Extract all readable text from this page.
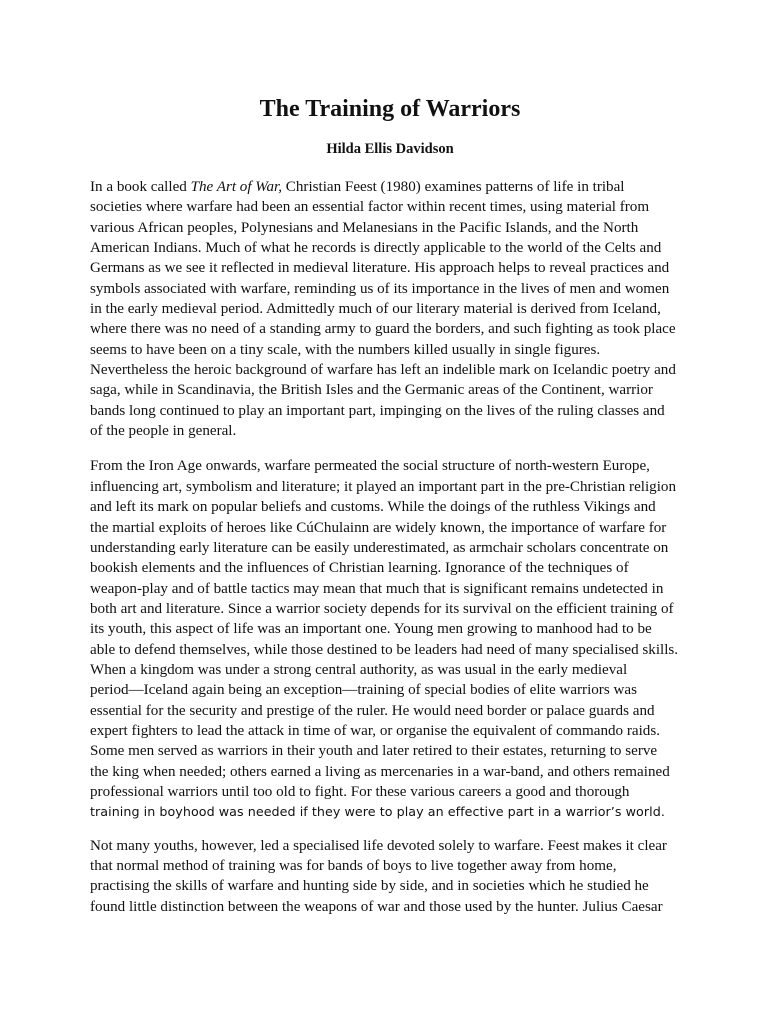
The Training of Warriors
Hilda Ellis Davidson

In a book called The Art of War, Christian Feest (1980) examines patterns of life in tribal
societies where warfare had been an essential factor within recent times, using material from
various African peoples, Polynesians and Melanesians in the Pacific Islands, and the North
American Indians. Much of what he records is directly applicable to the world of the Celts and
Germans as we see it reflected in medieval literature. His approach helps to reveal practices and
symbols associated with warfare, reminding us of its importance in the lives of men and women
in the early medieval period. Admittedly much of our literary material is derived from Iceland,
where there was no need of a standing army to guard the borders, and such fighting as took place
seems to have been on a tiny scale, with the numbers killed usually in single figures.
Nevertheless the heroic background of warfare has left an indelible mark on Icelandic poetry and
saga, while in Scandinavia, the British Isles and the Germanic areas of the Continent, warrior
bands long continued to play an important part, impinging on the lives of the ruling classes and
of the people in general.

From the Iron Age onwards, warfare permeated the social structure of north-western Europe,
influencing art, symbolism and literature; it played an important part in the pre-Christian religion
and left its mark on popular beliefs and customs. While the doings of the ruthless Vikings and
the martial exploits of heroes like CúChulainn are widely known, the importance of warfare for
understanding early literature can be easily underestimated, as armchair scholars concentrate on
bookish elements and the influences of Christian learning. Ignorance of the techniques of
weapon-play and of battle tactics may mean that much that is significant remains undetected in
both art and literature. Since a warrior society depends for its survival on the efficient training of
its youth, this aspect of life was an important one. Young men growing to manhood had to be
able to defend themselves, while those destined to be leaders had need of many specialised skills.
When a kingdom was under a strong central authority, as was usual in the early medieval
period—Iceland again being an exception—training of special bodies of elite warriors was
essential for the security and prestige of the ruler. He would need border or palace guards and
expert fighters to lead the attack in time of war, or organise the equivalent of commando raids.
Some men served as warriors in their youth and later retired to their estates, returning to serve
the king when needed; others earned a living as mercenaries in a war-band, and others remained
professional warriors until too old to fight. For these various careers a good and thorough
training in boyhood was needed if they were to play an effective part in a warrior’s world.

Not many youths, however, led a specialised life devoted solely to warfare. Feest makes it clear
that normal method of training was for bands of boys to live together away from home,
practising the skills of warfare and hunting side by side, and in societies which he studied he
found little distinction between the weapons of war and those used by the hunter. Julius Caesar
